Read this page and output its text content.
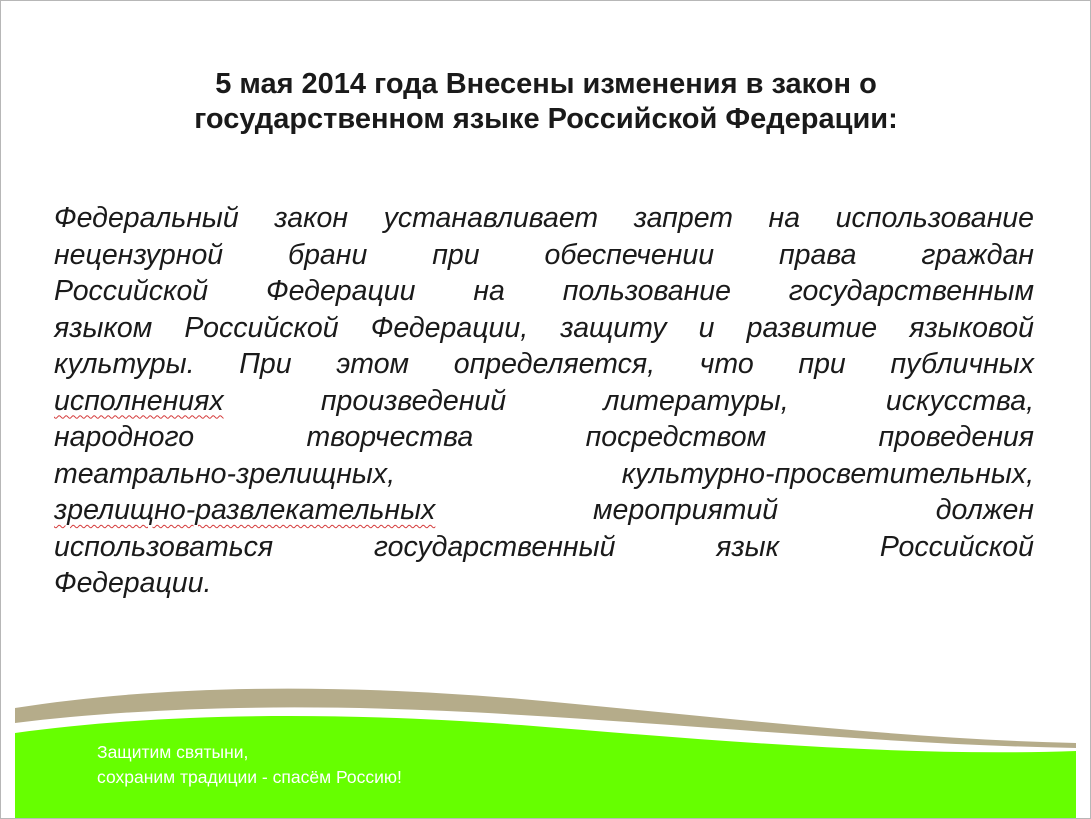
5 мая 2014 года Внесены изменения в закон о
государственном языке Российской Федерации:
Федеральный закон устанавливает запрет на использование
нецензурной брани при обеспечении права граждан
Российской Федерации на пользование государственным
языком Российской Федерации, защиту и развитие языковой
культуры. При этом определяется, что при публичных
исполнениях произведений литературы, искусства,
народного творчества посредством проведения
театрально-зрелищных, культурно-просветительных,
зрелищно-развлекательных мероприятий должен
использоваться государственный язык Российской
Федерации.
Защитим святыни,
сохраним традиции - спасём Россию!
